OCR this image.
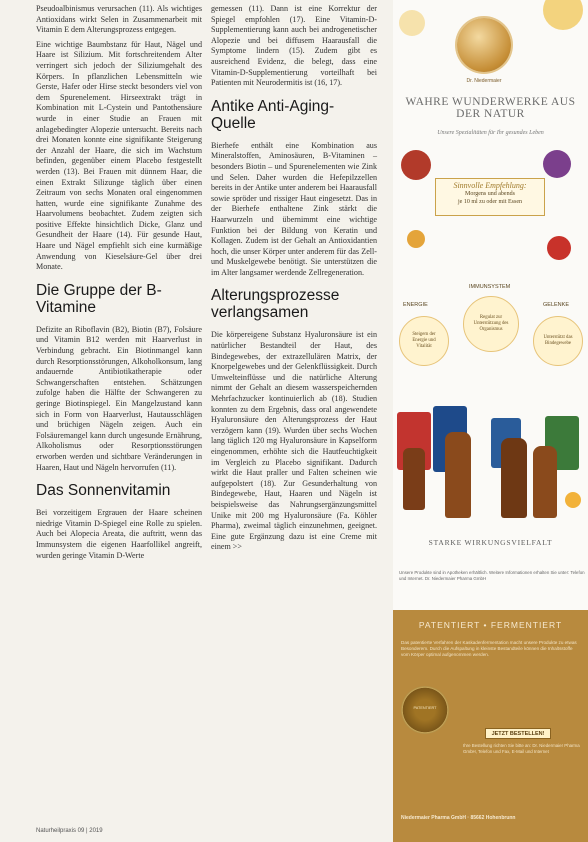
Pseudoalbinismus verursachen (11). Als wichtiges Antioxidans wirkt Selen in Zusammenarbeit mit Vitamin E dem Alterungsprozess entgegen.

Eine wichtige Baumbstanz für Haut, Nägel und Haare ist Silizium. Mit fortschreitendem Alter verringert sich jedoch der Siliziumgehalt des Körpers. In pflanzlichen Lebensmitteln wie Gerste, Hafer oder Hirse steckt besonders viel von dem Spurenelement. Hirseextrakt trägt in Kombination mit L-Cystein und Pantothensäure wurde in einer Studie an Frauen mit anlagebedingter Alopezie untersucht. Bereits nach drei Monaten konnte eine signifikante Steigerung der Anzahl der Haare, die sich im Wachstum befinden, gegenüber einem Placebo festgestellt werden (13). Bei Frauen mit dünnem Haar, die einen Extrakt Silizunge täglich über einen Zeitraum von sechs Monaten oral eingenommen hatten, wurde eine signifikante Zunahme des Haarvolumens beobachtet. Zudem zeigten sich positive Effekte hinsichtlich Dicke, Glanz und Gesundheit der Haare (14). Für gesunde Haut, Haare und Nägel empfiehlt sich eine kurmäßige Anwendung von Kieselsäure-Gel über drei Monate.

Die Gruppe der B-Vitamine

Defizite an Riboflavin (B2), Biotin (B7), Folsäure und Vitamin B12 werden mit Haarverlust in Verbindung gebracht. Ein Biotinmangel kann durch Resorptionsstörungen, Alkoholkonsum, lang andauernde Antibiotikatherapie oder Schwangerschaften entstehen. Schätzungen zufolge haben die Hälfte der Schwangeren zu geringe Biotinspiegel. Ein Mangelzustand kann sich in Form von Haarverlust, Hautausschlägen und brüchigen Nägeln zeigen. Auch ein Folsäuremangel kann durch ungesunde Ernährung, Alkoholismus oder Resorptionsstörungen erworben werden und sichtbare Veränderungen in Haaren, Haut und Nägeln hervorrufen (11).

Das Sonnenvitamin

Bei vorzeitigem Ergrauen der Haare scheinen niedrige Vitamin D-Spiegel eine Rolle zu spielen. Auch bei Alopecia Areata, die auftritt, wenn das Immunsystem die eigenen Haarfollikel angreift, wurden geringe Vitamin D-Werte

gemessen (11). Dann ist eine Korrektur der Spiegel empfohlen (17). Eine Vitamin-D-Supplementierung kann auch bei androgenetischer Alopezie und bei diffusem Haarausfall die Symptome lindern (15). Zudem gibt es ausreichend Evidenz, die belegt, dass eine Vitamin-D-Supplementierung vorteilhaft bei Patienten mit Neurodermitis ist (16, 17).

Antike Anti-Aging-Quelle

Bierhefe enthält eine Kombination aus Mineralstoffen, Aminosäuren, B-Vitaminen – besonders Biotin – und Spurenelementen wie Zink und Selen. Daher wurden die Hefepilzzellen bereits in der Antike unter anderem bei Haarausfall sowie spröder und rissiger Haut eingesetzt. Das in der Bierhefe enthaltene Zink stärkt die Haarwurzeln und übernimmt eine wichtige Funktion bei der Bildung von Keratin und Kollagen. Zudem ist der Gehalt an Antioxidantien hoch, die unser Körper unter anderem für das Zell- und Muskelgewebe benötigt. Sie unterstützen die im Alter langsamer werdende Zellregeneration.

Alterungsprozesse verlangsamen

Die körpereigene Substanz Hyaluronsäure ist ein natürlicher Bestandteil der Haut, des Bindegewebes, der extrazellulären Matrix, der Knorpelgewebes und der Gelenkflüssigkeit. Durch Umwelteinflüsse und die natürliche Alterung nimmt der Gehalt an diesem wasserspeichernden Mehrfachzucker kontinuierlich ab (18). Studien konnten zu dem Ergebnis, dass oral angewendete Hyaluronsäure den Alterungsprozess der Haut verzögern kann (19). Wurden über sechs Wochen lang täglich 120 mg Hyaluronsäure in Kapselform eingenommen, erhöhte sich die Hautfeuchtigkeit im Vergleich zu Placebo signifikant. Dadurch wirkt die Haut praller und Falten scheinen wie aufgepolstert (18). Zur Gesunderhaltung von Bindegewebe, Haut, Haaren und Nägeln ist beispielsweise das Nahrungsergänzungsmittel Unike mit 200 mg Hyaluronsäure (Fa. Köhler Pharma), zweimal täglich einzunehmen, geeignet. Eine gute Ergänzung dazu ist eine Creme mit einem >>

Naturheilpraxis 09 | 2019
Dr. Niedermaier
WAHRE WUNDERWERKE AUS DER NATUR
Unsere Spezialitäten für Ihr gesundes Leben
Sinnvolle Empfehlung:
Morgens und abends
je 10 ml zu oder mit Essen
IMMUNSYSTEM
ENERGIE	GELENKE
Regulat zur Unterstützung des Organismus
Steigern der Energie und Vitalität
Unterstützt das Bindegewebe
STARKE WIRKUNGSVIELFALT
Unsere Produkte sind in Apotheken erhältlich. Weitere Informationen erhalten Sie unter: Telefon und Internet. Dr. Niedermaier Pharma GmbH
PATENTIERT • FERMENTIERT
Das patentierte Verfahren der Kaskadenfermentation macht unsere Produkte zu etwas Besonderem. Durch die Aufspaltung in kleinste Bestandteile können die Inhaltsstoffe vom Körper optimal aufgenommen werden.
PATENTIERT
JETZT BESTELLEN!
Ihre Bestellung richten Sie bitte an: Dr. Niedermaier Pharma GmbH, Telefon und Fax, E-Mail und Internet
Niedermaier Pharma GmbH · 85662 Hohenbrunn
